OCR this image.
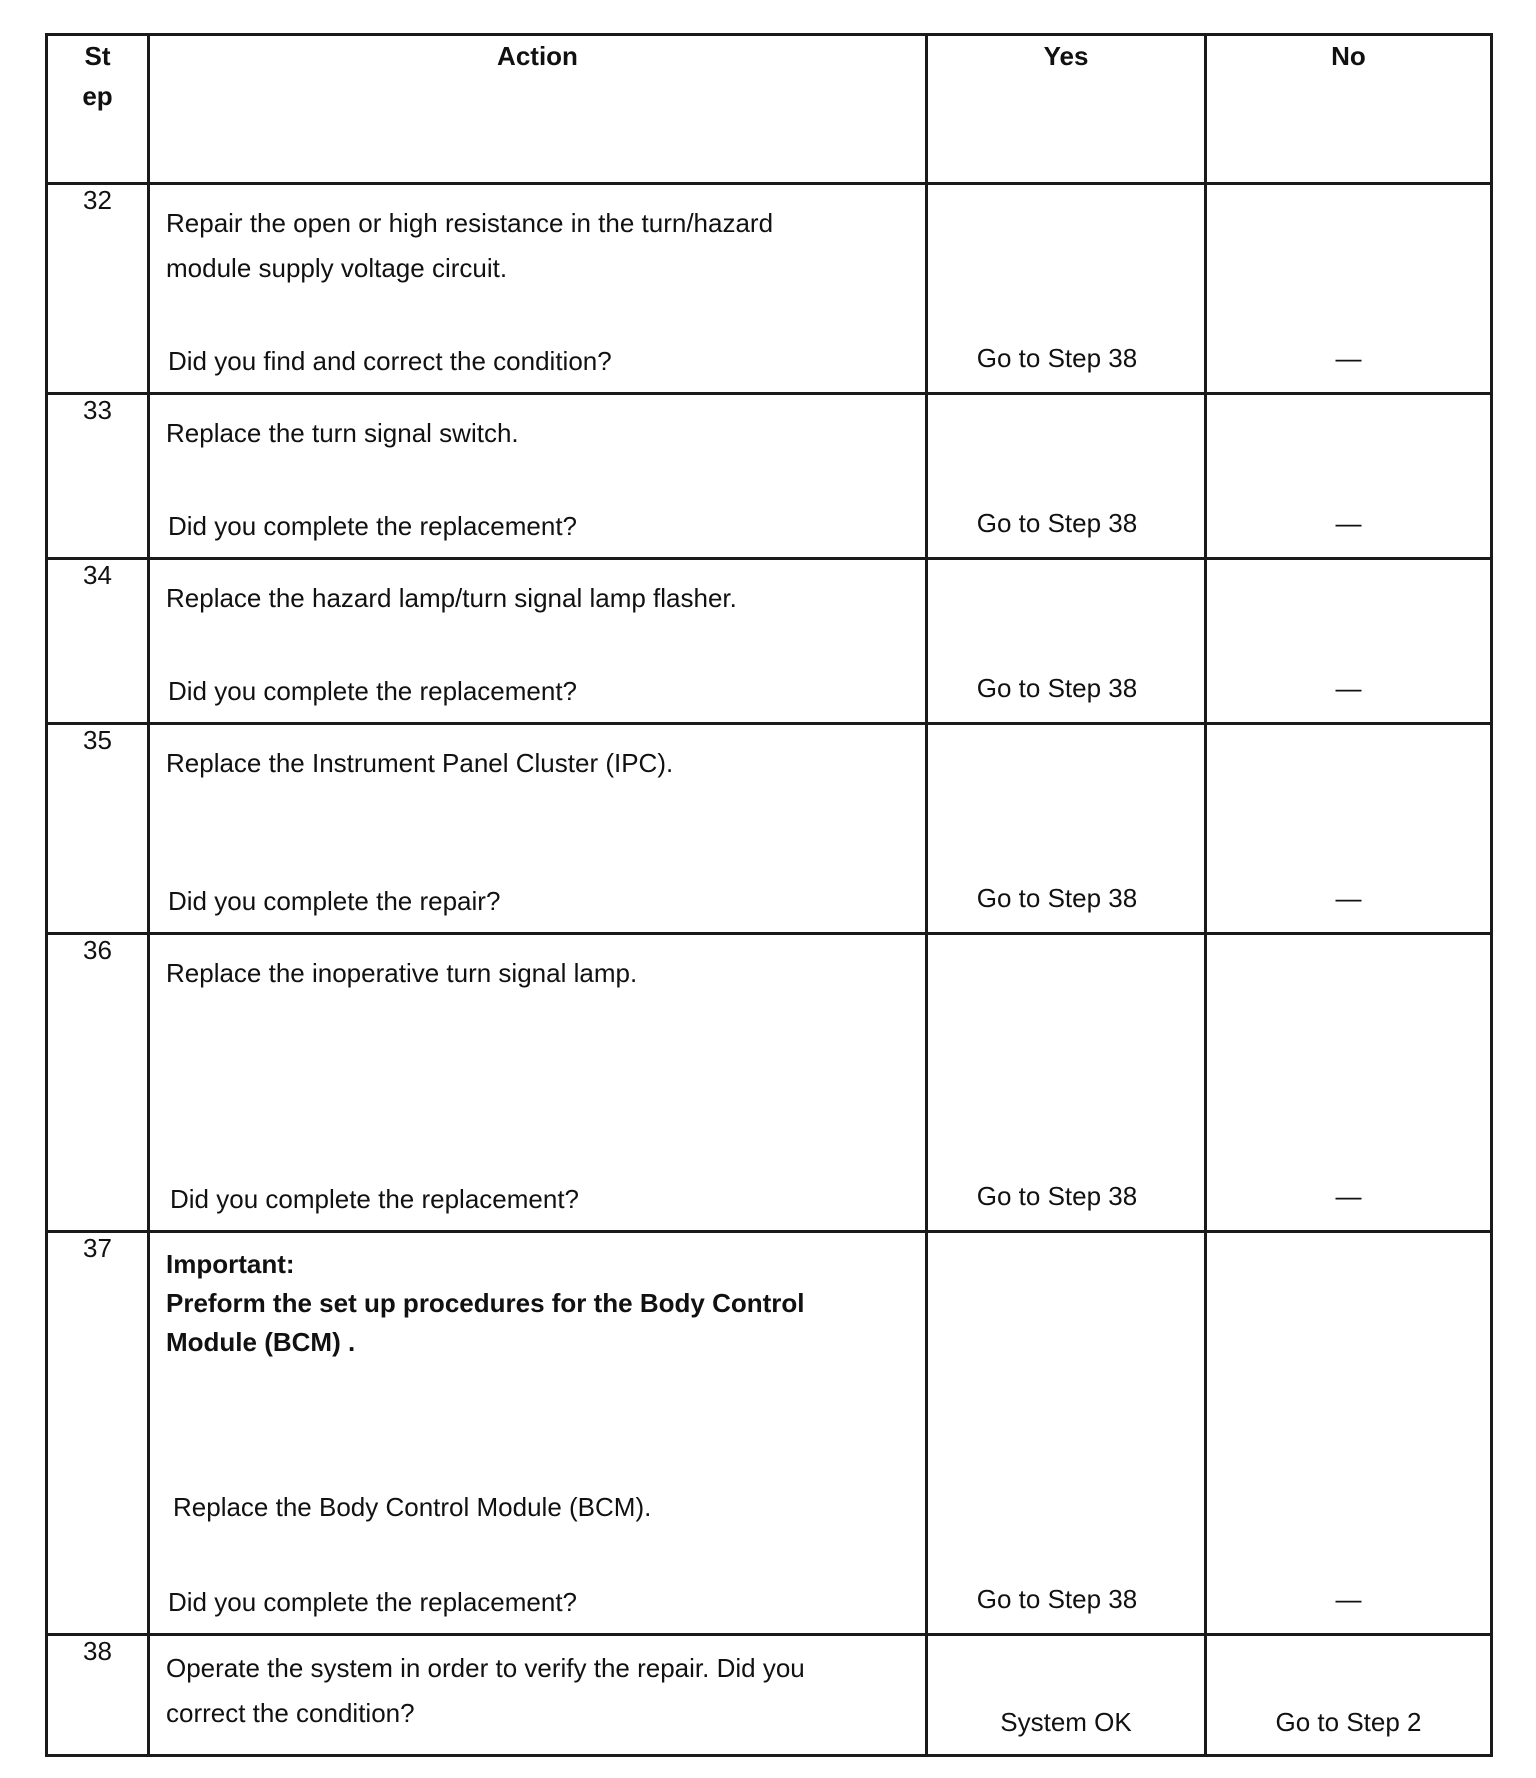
St
ep	Action	Yes	No
32	Repair the open or high resistance in the turn/hazard
module supply voltage circuit.
Did you find and correct the condition?	Go to Step 38	—

33	Replace the turn signal switch.
Did you complete the replacement?	Go to Step 38	—

34	Replace the hazard lamp/turn signal lamp flasher.
Did you complete the replacement?	Go to Step 38	—

35	Replace the Instrument Panel Cluster (IPC).
Did you complete the repair?	Go to Step 38	—

36	Replace the inoperative turn signal lamp.
Did you complete the replacement?	Go to Step 38	—

37	Important:
Preform the set up procedures for the Body Control
Module (BCM) .
Replace the Body Control Module (BCM).
Did you complete the replacement?	Go to Step 38	—

38	Operate the system in order to verify the repair. Did you
correct the condition?	System OK	Go to Step 2
